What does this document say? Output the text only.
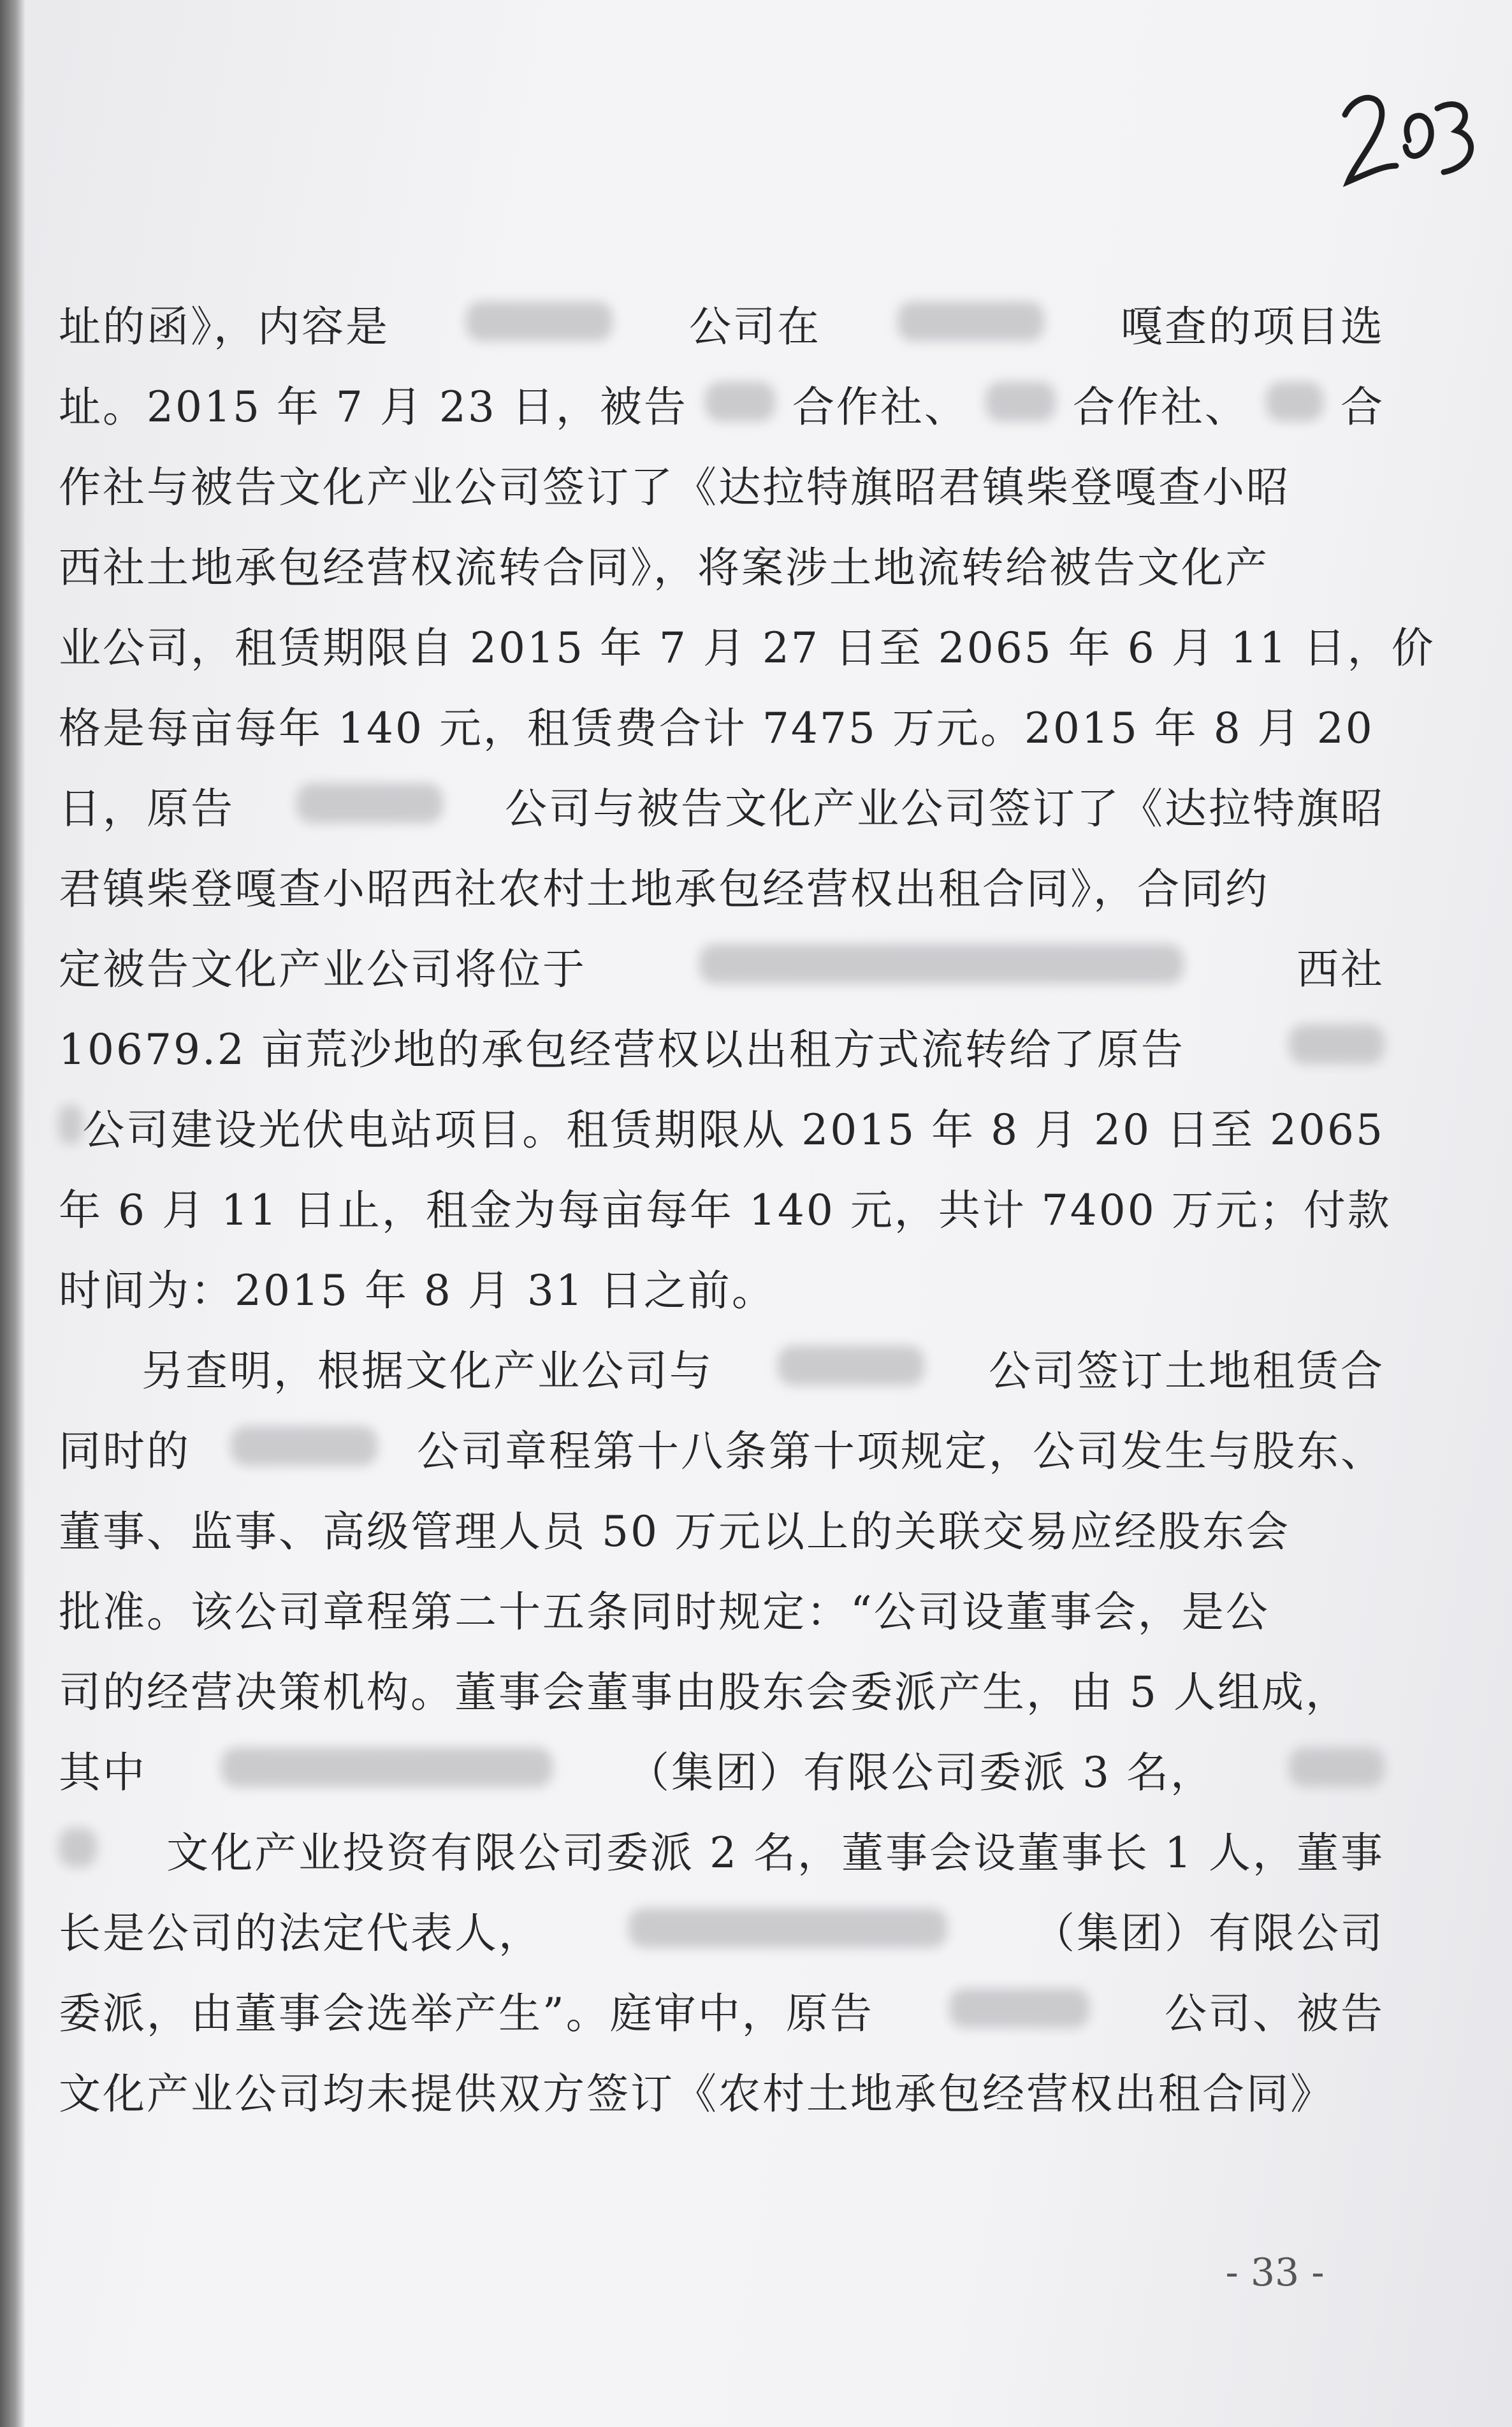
址的函》，内容是	公司在	嘎查的项目选
址。2015 年 7 月 23 日，被告 合作社、 合作社、 合
作社与被告文化产业公司签订了《达拉特旗昭君镇柴登嘎查小昭
西社土地承包经营权流转合同》，将案涉土地流转给被告文化产
业公司，租赁期限自 2015 年 7 月 27 日至 2065 年 6 月 11 日，价
格是每亩每年 140 元，租赁费合计 7475 万元。2015 年 8 月 20
日，原告	公司与被告文化产业公司签订了《达拉特旗昭
君镇柴登嘎查小昭西社农村土地承包经营权出租合同》，合同约
定被告文化产业公司将位于	西社
10679.2 亩荒沙地的承包经营权以出租方式流转给了原告
公司建设光伏电站项目。租赁期限从 2015 年 8 月 20 日至 2065
年 6 月 11 日止，租金为每亩每年 140 元，共计 7400 万元；付款
时间为：2015 年 8 月 31 日之前。
另查明，根据文化产业公司与	公司签订土地租赁合
同时的	公司章程第十八条第十项规定，公司发生与股东、
董事、监事、高级管理人员 50 万元以上的关联交易应经股东会
批准。该公司章程第二十五条同时规定：“公司设董事会，是公
司的经营决策机构。董事会董事由股东会委派产生，由 5 人组成，
其中	（集团）有限公司委派 3 名，
文化产业投资有限公司委派 2 名，董事会设董事长 1 人，董事
长是公司的法定代表人，	（集团）有限公司
委派，由董事会选举产生”。庭审中，原告	公司、被告
文化产业公司均未提供双方签订《农村土地承包经营权出租合同》
- 33 -
